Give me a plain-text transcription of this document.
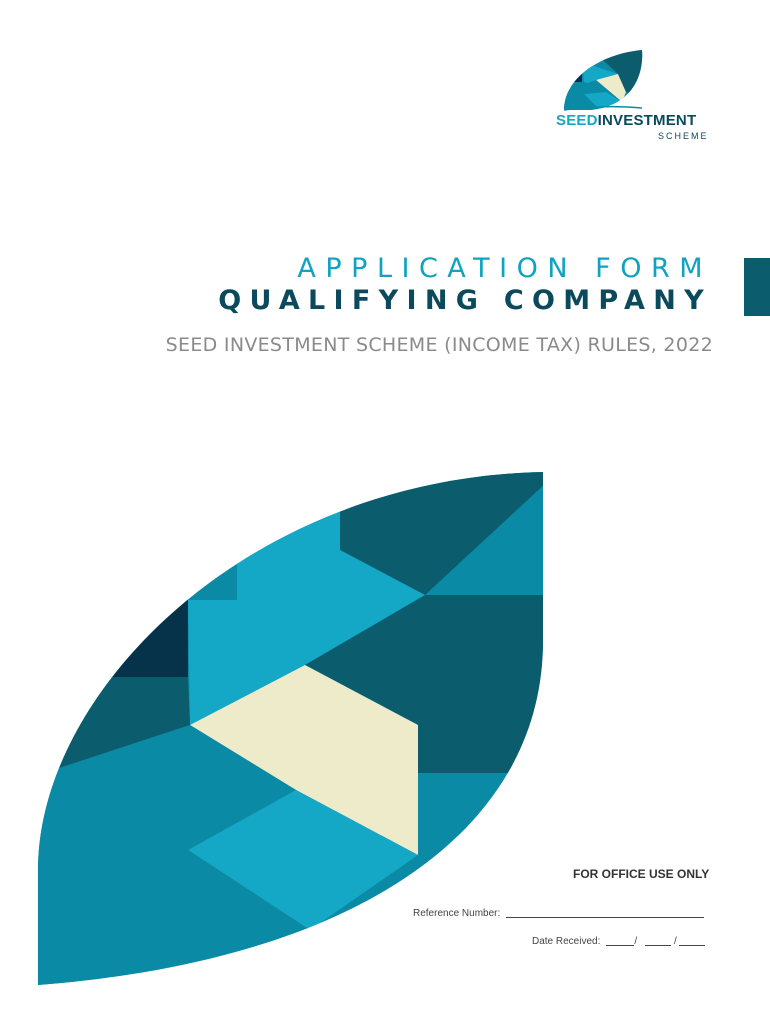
SEEDINVESTMENT
SCHEME
APPLICATION FORM
QUALIFYING COMPANY
SEED INVESTMENT SCHEME (INCOME TAX) RULES, 2022
FOR OFFICE USE ONLY
Reference Number:
Date Received:	/	/
